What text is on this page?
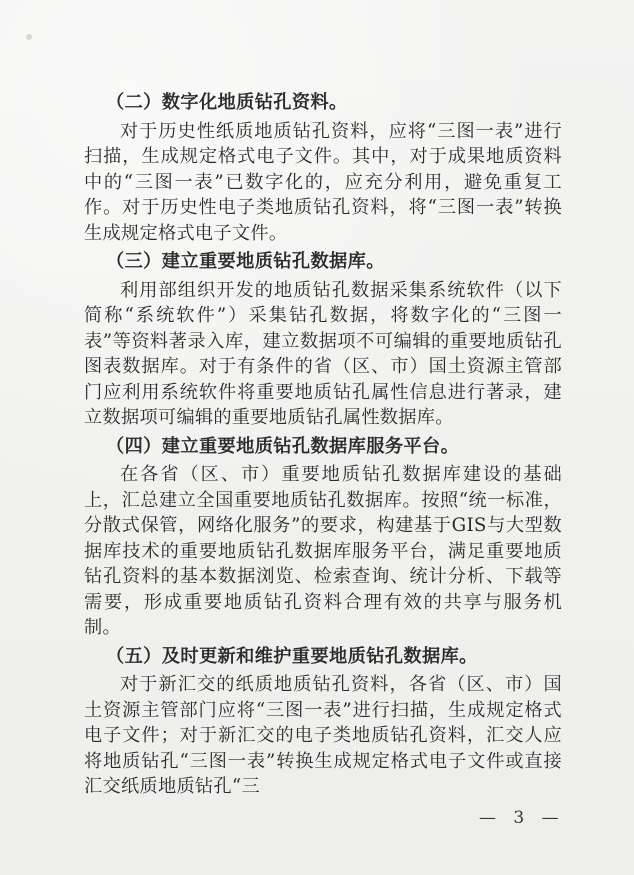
（二）数字化地质钻孔资料。
对于历史性纸质地质钻孔资料，应将“三图一表”进行扫描，生成规定格式电子文件。其中，对于成果地质资料中的“三图一表”已数字化的，应充分利用，避免重复工作。对于历史性电子类地质钻孔资料，将“三图一表”转换生成规定格式电子文件。
（三）建立重要地质钻孔数据库。
利用部组织开发的地质钻孔数据采集系统软件（以下简称“系统软件”）采集钻孔数据，将数字化的“三图一表”等资料著录入库，建立数据项不可编辑的重要地质钻孔图表数据库。对于有条件的省（区、市）国土资源主管部门应利用系统软件将重要地质钻孔属性信息进行著录，建立数据项可编辑的重要地质钻孔属性数据库。
（四）建立重要地质钻孔数据库服务平台。
在各省（区、市）重要地质钻孔数据库建设的基础上，汇总建立全国重要地质钻孔数据库。按照“统一标准，分散式保管，网络化服务”的要求，构建基于GIS与大型数据库技术的重要地质钻孔数据库服务平台，满足重要地质钻孔资料的基本数据浏览、检索查询、统计分析、下载等需要，形成重要地质钻孔资料合理有效的共享与服务机制。
（五）及时更新和维护重要地质钻孔数据库。
对于新汇交的纸质地质钻孔资料，各省（区、市）国土资源主管部门应将“三图一表”进行扫描，生成规定格式电子文件；对于新汇交的电子类地质钻孔资料，汇交人应将地质钻孔“三图一表”转换生成规定格式电子文件或直接汇交纸质地质钻孔“三
— 3 —
